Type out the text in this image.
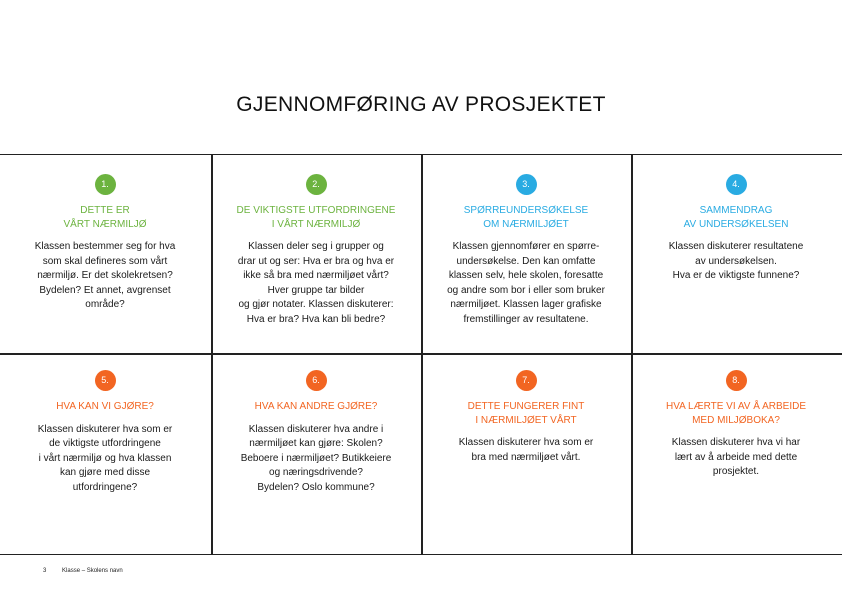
GJENNOMFØRING AV PROSJEKTET
1.
DETTE ER
VÅRT NÆRMILJØ
Klassen bestemmer seg for hva
som skal defineres som vårt
nærmiljø. Er det skolekretsen?
Bydelen? Et annet, avgrenset
område?
2.
DE VIKTIGSTE UTFORDRINGENE
I VÅRT NÆRMILJØ
Klassen deler seg i grupper og
drar ut og ser: Hva er bra og hva er
ikke så bra med nærmiljøet vårt?
Hver gruppe tar bilder
og gjør notater. Klassen diskuterer:
Hva er bra? Hva kan bli bedre?
3.
SPØRREUNDERSØKELSE
OM NÆRMILJØET
Klassen gjennomfører en spørre-
undersøkelse. Den kan omfatte
klassen selv, hele skolen, foresatte
og andre som bor i eller som bruker
nærmiljøet. Klassen lager grafiske
fremstillinger av resultatene.
4.
SAMMENDRAG
AV UNDERSØKELSEN
Klassen diskuterer resultatene
av undersøkelsen.
Hva er de viktigste funnene?
5.
HVA KAN VI GJØRE?
Klassen diskuterer hva som er
de viktigste utfordringene
i vårt nærmiljø og hva klassen
kan gjøre med disse
utfordringene?
6.
HVA KAN ANDRE GJØRE?
Klassen diskuterer hva andre i
nærmiljøet kan gjøre: Skolen?
Beboere i nærmiljøet? Butikkeiere
og næringsdrivende?
Bydelen? Oslo kommune?
7.
DETTE FUNGERER FINT
I NÆRMILJØET VÅRT
Klassen diskuterer hva som er
bra med nærmiljøet vårt.
8.
HVA LÆRTE VI AV Å ARBEIDE
MED MILJØBOKA?
Klassen diskuterer hva vi har
lært av å arbeide med dette
prosjektet.
3	Klasse – Skolens navn
